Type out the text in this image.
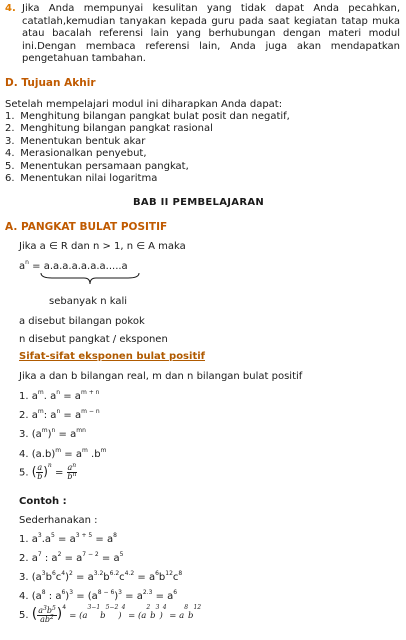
4. Jika Anda mempunyai kesulitan yang tidak dapat Anda pecahkan, catatlah,kemudian tanyakan kepada guru pada saat kegiatan tatap muka atau bacalah referensi lain yang berhubungan dengan materi modul ini.Dengan membaca referensi lain, Anda juga akan mendapatkan pengetahuan tambahan.
D. Tujuan Akhir
Setelah mempelajari modul ini diharapkan Anda dapat:
1. Menghitung bilangan pangkat bulat posit dan negatif,
2. Menghitung bilangan pangkat rasional
3. Menentukan bentuk akar
4. Merasionalkan penyebut,
5. Menentukan persamaan pangkat,
6. Menentukan nilai logaritma
BAB II PEMBELAJARAN
A. PANGKAT BULAT POSITIF
Jika a ∈ R dan n > 1, n ∈ A maka
$a^n = a.a.a.a.a.a.a.....a$
sebanyak n kali
a disebut bilangan pokok
n disebut pangkat / eksponen
Sifat-sifat eksponen bulat positif
Jika a dan b bilangan real, m dan n bilangan bulat positif
1. $a^m$. $a^n = a^{m + n}$
2. $a^m$: $a^n = a^{m - n}$
3. $(a^m)^n = a^{mn}$
4. $(a.b)^m = a^m$ $.b^m$
5. ( $\frac{a}{b} )^n = \frac{a^n}{b^n}$
Contoh :
Sederhanakan :
1. $a^3.a^5 = a^{3 + 5} = a^8$
2. $a^7$ : $a^2 = a^{7 - 2} = a^5$
3. $(a^3b^6c^4)^2 = a^{3.2}b^{6.2}c^{4.2} = a^6b^{12}c^8$
4. ($a^8$ : $a^6)^3 = (a^{8 - 6})^3 = a^{2.3} = a^6$
5. ( $\frac{a^3b^5}{ab^2} )^4 = (a^{3-1}b^{5-2})^4 = (a^2b^3)^4 = a^8b^{12}$
